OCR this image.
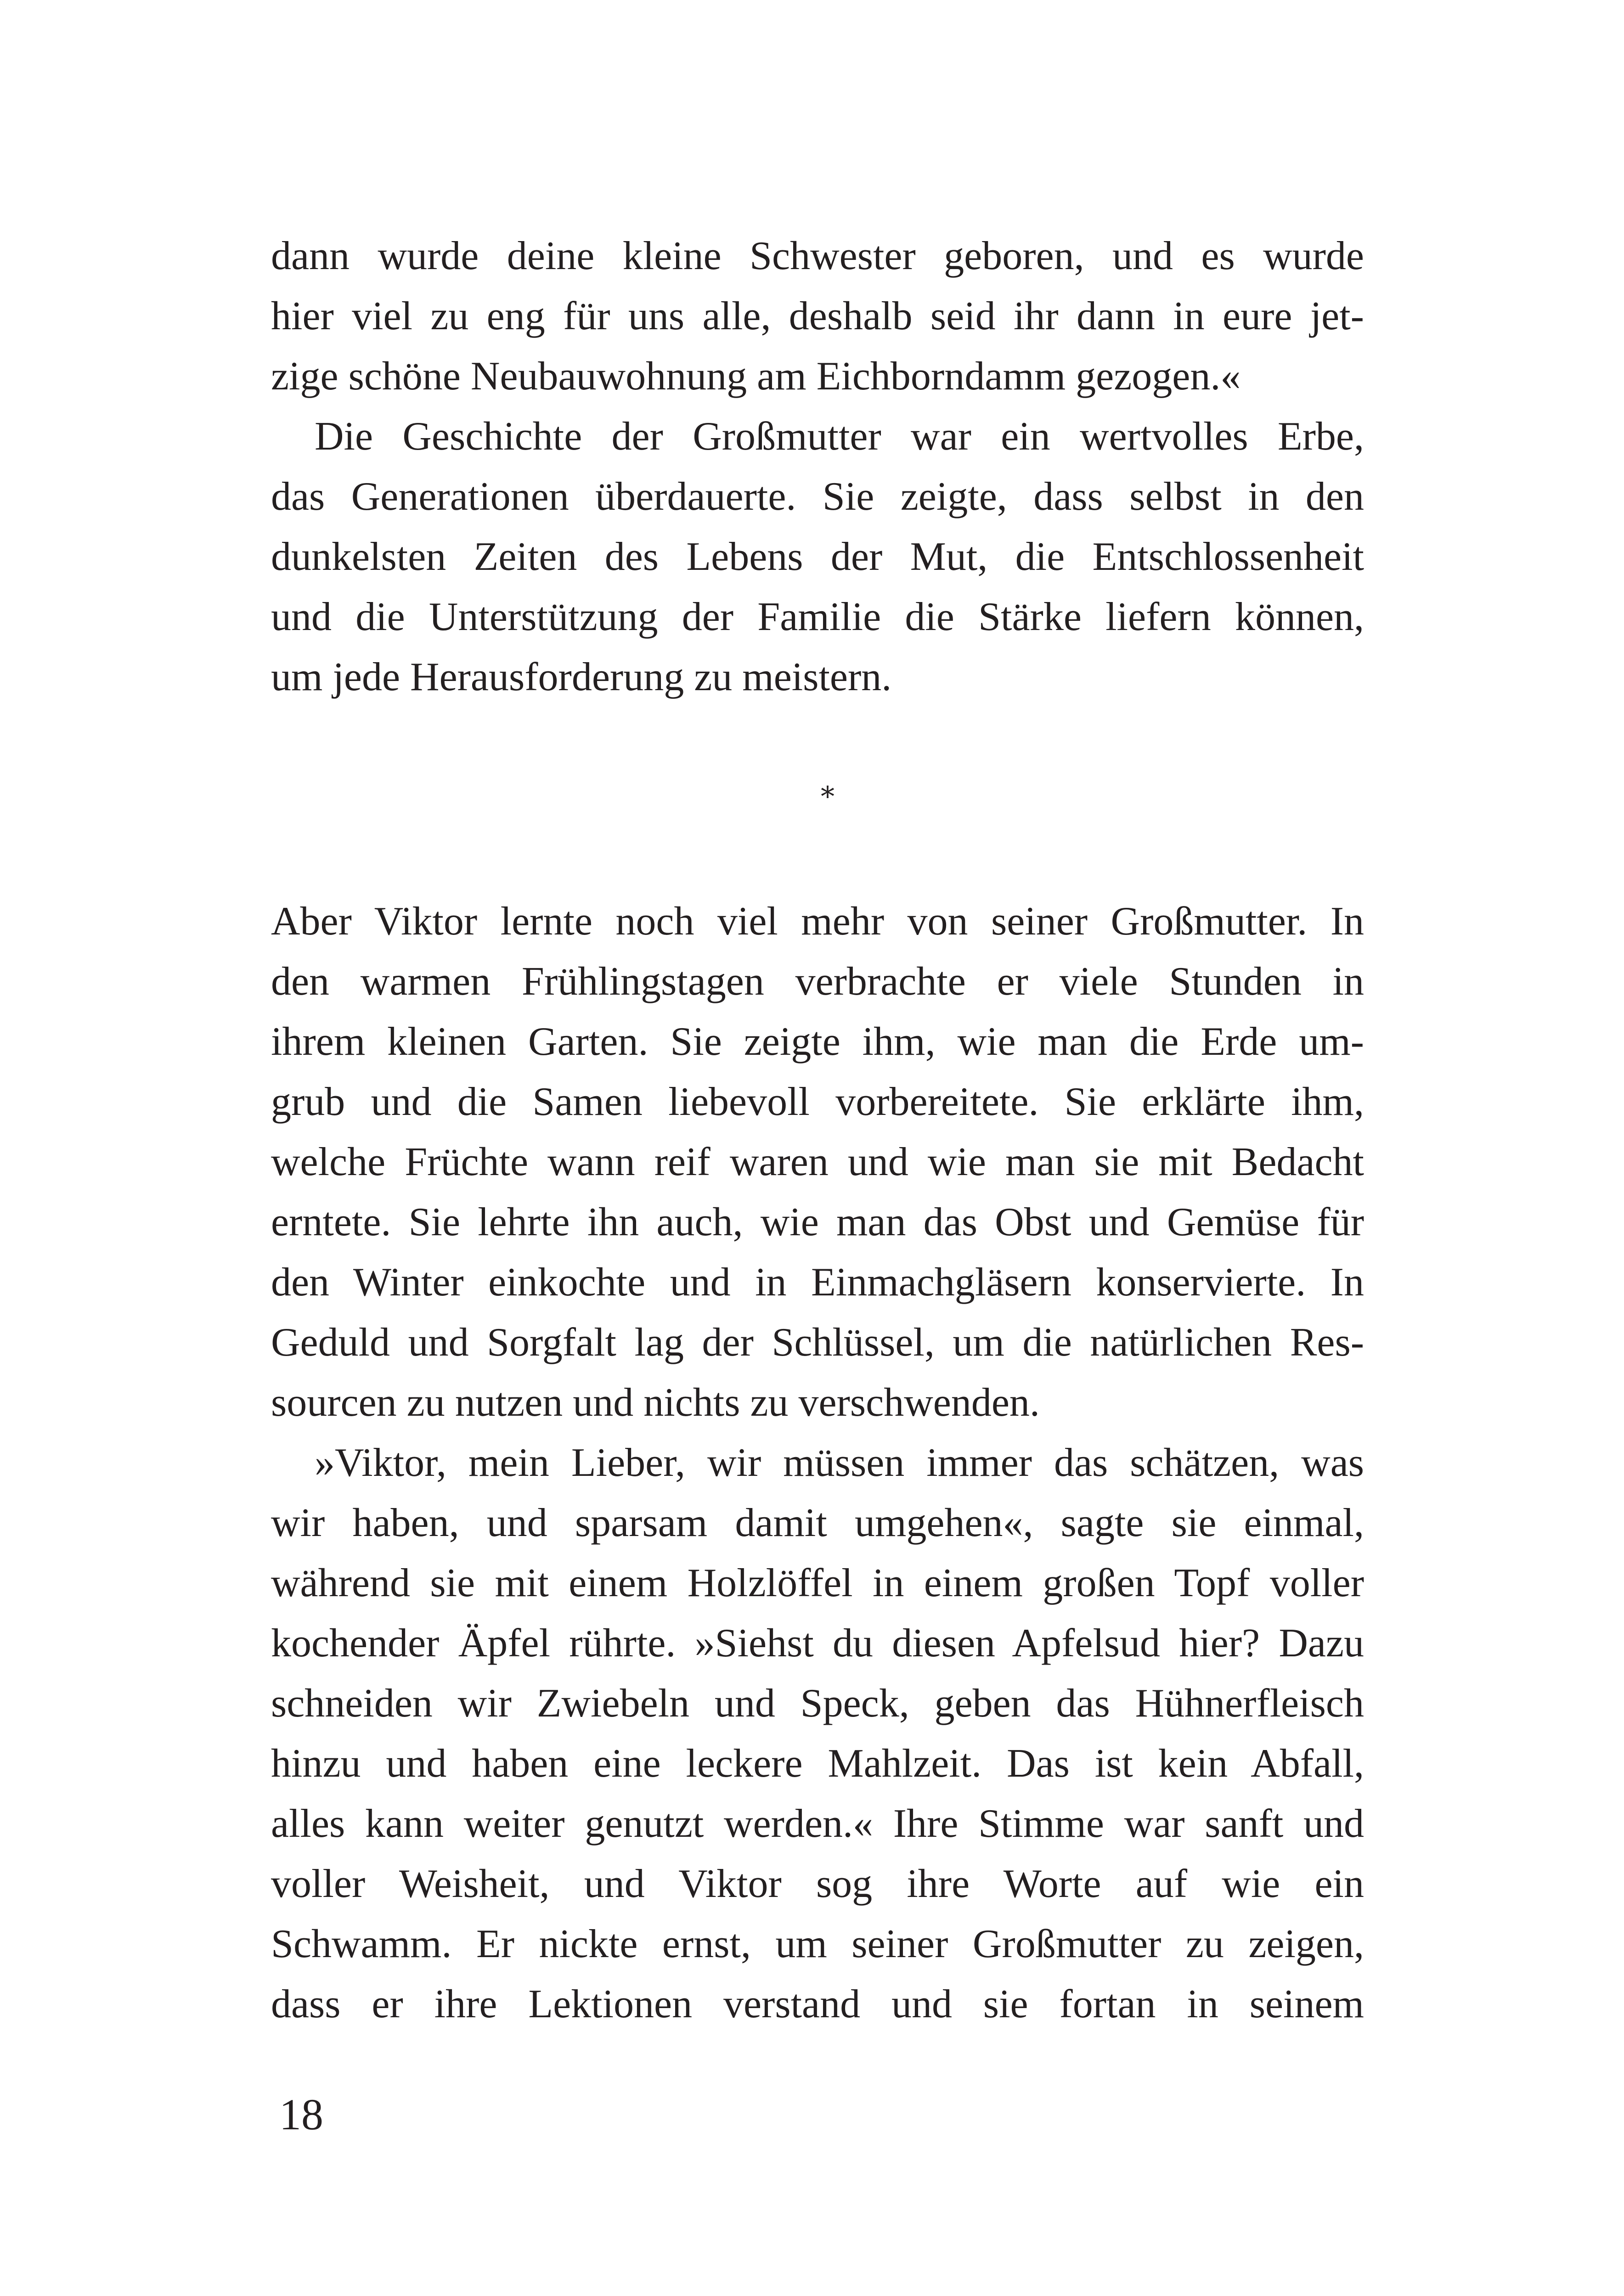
dann wurde deine kleine Schwester geboren, und es wurde
hier viel zu eng für uns alle, deshalb seid ihr dann in eure jet-
zige schöne Neubauwohnung am Eichborndamm gezogen.«
Die Geschichte der Großmutter war ein wertvolles Erbe,
das Generationen überdauerte. Sie zeigte, dass selbst in den
dunkelsten Zeiten des Lebens der Mut, die Entschlossenheit
und die Unterstützung der Familie die Stärke liefern können,
um jede Herausforderung zu meistern.
*
Aber Viktor lernte noch viel mehr von seiner Großmutter. In
den warmen Frühlingstagen verbrachte er viele Stunden in
ihrem kleinen Garten. Sie zeigte ihm, wie man die Erde um-
grub und die Samen liebevoll vorbereitete. Sie erklärte ihm,
welche Früchte wann reif waren und wie man sie mit Bedacht
erntete. Sie lehrte ihn auch, wie man das Obst und Gemüse für
den Winter einkochte und in Einmachgläsern konservierte. In
Geduld und Sorgfalt lag der Schlüssel, um die natürlichen Res-
sourcen zu nutzen und nichts zu verschwenden.
»Viktor, mein Lieber, wir müssen immer das schätzen, was
wir haben, und sparsam damit umgehen«, sagte sie einmal,
während sie mit einem Holzlöffel in einem großen Topf voller
kochender Äpfel rührte. »Siehst du diesen Apfelsud hier? Dazu
schneiden wir Zwiebeln und Speck, geben das Hühnerfleisch
hinzu und haben eine leckere Mahlzeit. Das ist kein Abfall,
alles kann weiter genutzt werden.« Ihre Stimme war sanft und
voller Weisheit, und Viktor sog ihre Worte auf wie ein
Schwamm. Er nickte ernst, um seiner Großmutter zu zeigen,
dass er ihre Lektionen verstand und sie fortan in seinem
18
